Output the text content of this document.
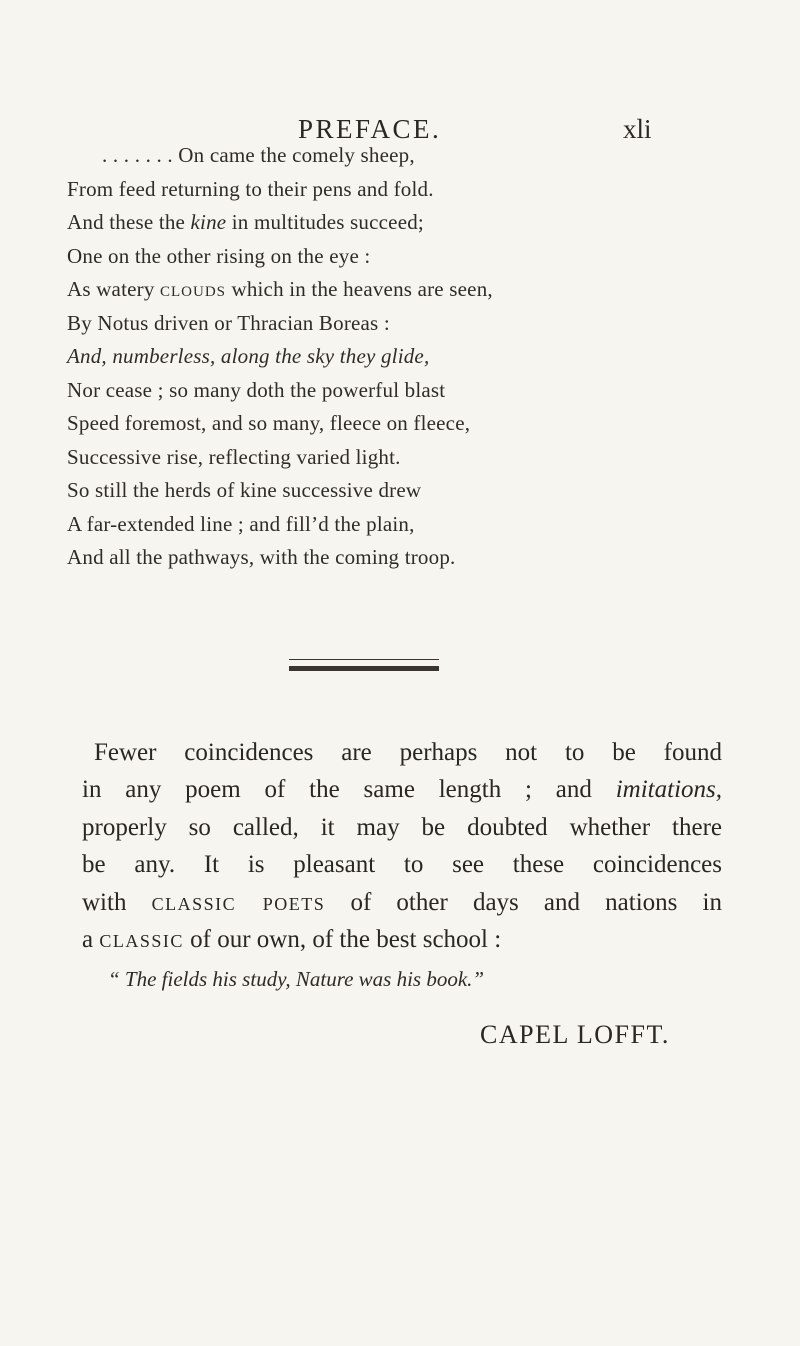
PREFACE.	xli
. . . . . . . On came the comely sheep,
From feed returning to their pens and fold.
And these the kine in multitudes succeed;
One on the other rising on the eye :
As watery clouds which in the heavens are seen,
By Notus driven or Thracian Boreas :
And, numberless, along the sky they glide,
Nor cease ; so many doth the powerful blast
Speed foremost, and so many, fleece on fleece,
Successive rise, reflecting varied light.
So still the herds of kine successive drew
A far-extended line ; and fill’d the plain,
And all the pathways, with the coming troop.
Fewer coincidences are perhaps not to be found
in any poem of the same length ; and imitations,
properly so called, it may be doubted whether there
be any. It is pleasant to see these coincidences
with classic poets of other days and nations in
a classic of our own, of the best school :
“ The fields his study, Nature was his book.”
CAPEL LOFFT.
